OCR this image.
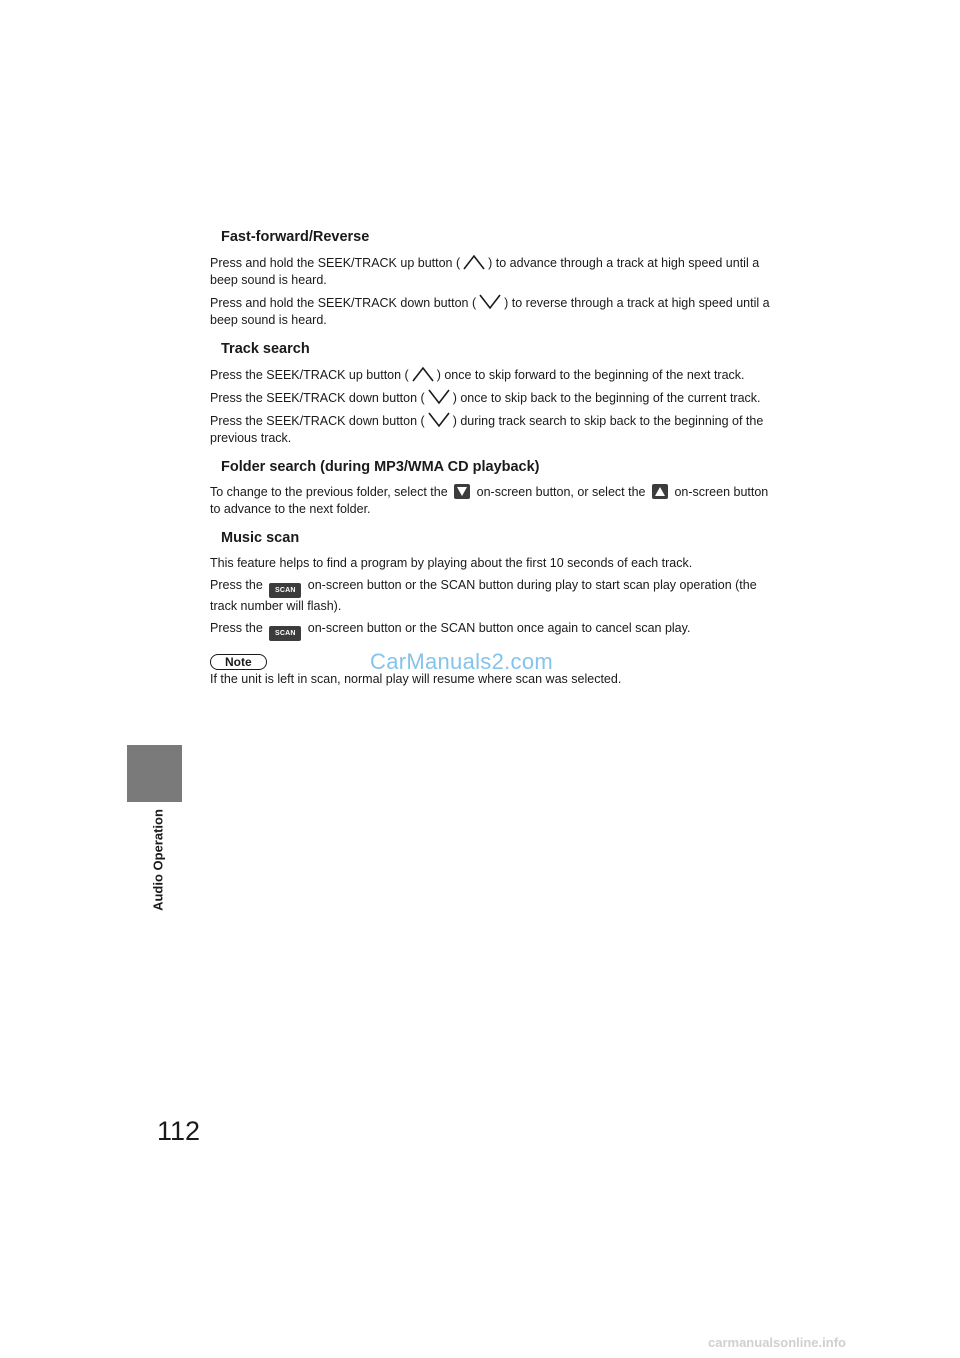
Audio Operation
112
Fast-forward/Reverse

Press and hold the SEEK/TRACK up button ( ) to advance through a track at high speed until a beep sound is heard.

Press and hold the SEEK/TRACK down button ( ) to reverse through a track at high speed until a beep sound is heard.

Track search

Press the SEEK/TRACK up button ( ) once to skip forward to the beginning of the next track.

Press the SEEK/TRACK down button ( ) once to skip back to the beginning of the current track.

Press the SEEK/TRACK down button ( ) during track search to skip back to the beginning of the previous track.

Folder search (during MP3/WMA CD playback)

To change to the previous folder, select the on-screen button, or select the on-screen button to advance to the next folder.

Music scan

This feature helps to find a program by playing about the first 10 seconds of each track.

Press the SCAN on-screen button or the SCAN button during play to start scan play operation (the track number will flash).

Press the SCAN on-screen button or the SCAN button once again to cancel scan play.

Note	CarManuals2.com

If the unit is left in scan, normal play will resume where scan was selected.

carmanualsonline.info
